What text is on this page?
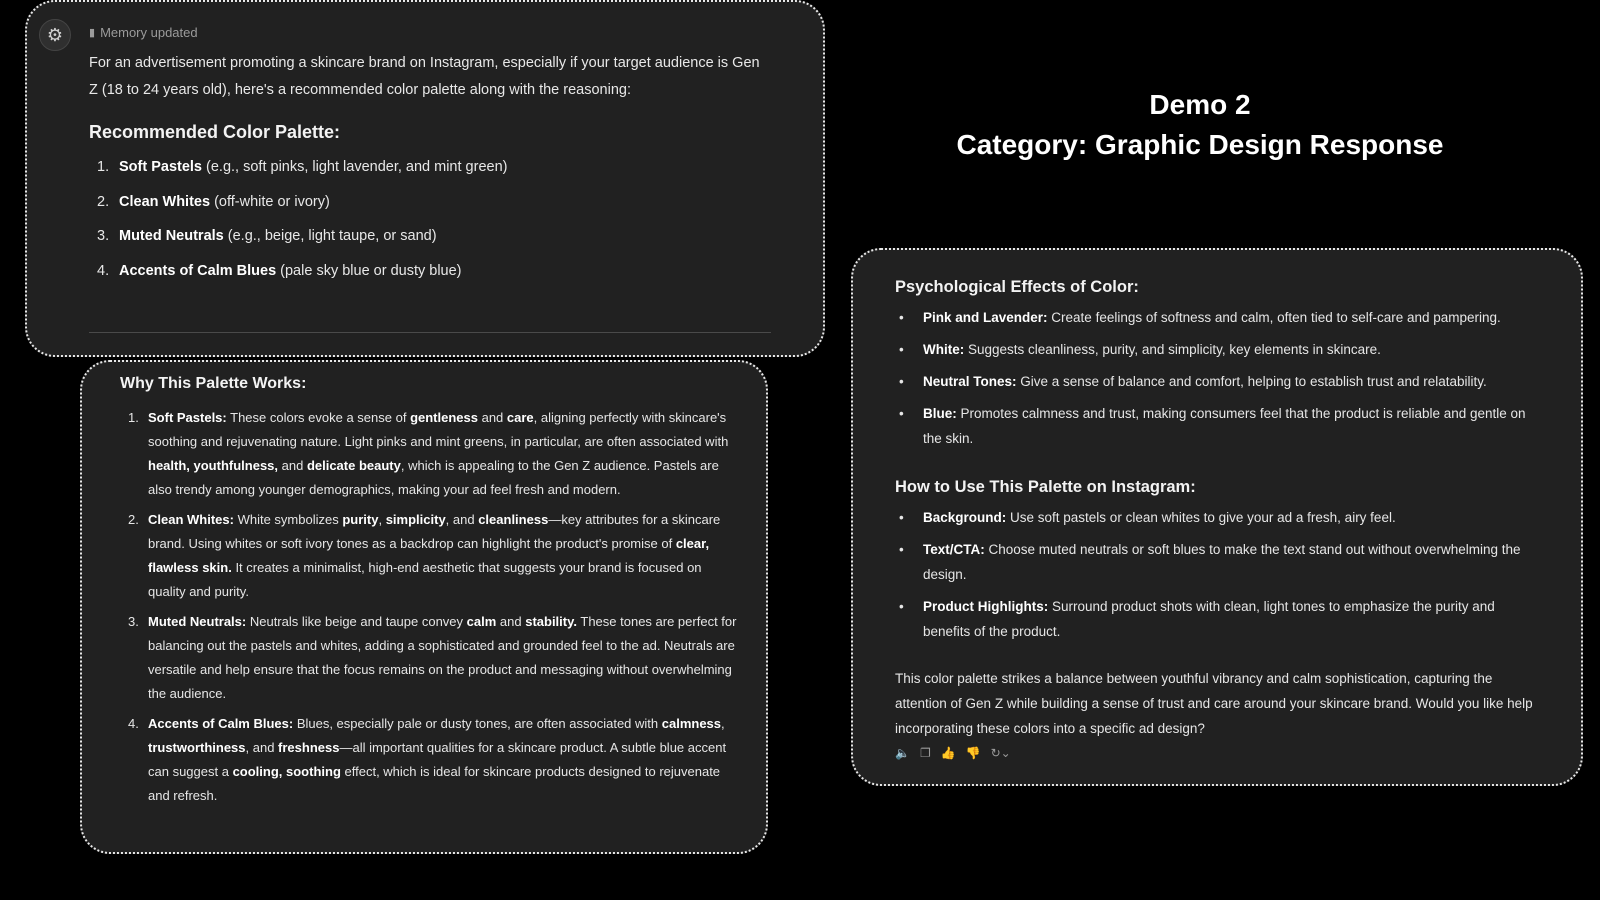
⚙	▮ Memory updated
For an advertisement promoting a skincare brand on Instagram, especially if your target audience is Gen Z (18 to 24 years old), here's a recommended color palette along with the reasoning:
Recommended Color Palette:
1. Soft Pastels (e.g., soft pinks, light lavender, and mint green)
2. Clean Whites (off-white or ivory)
3. Muted Neutrals (e.g., beige, light taupe, or sand)
4. Accents of Calm Blues (pale sky blue or dusty blue)
Why This Palette Works:
1. Soft Pastels: These colors evoke a sense of gentleness and care, aligning perfectly with skincare's soothing and rejuvenating nature. Light pinks and mint greens, in particular, are often associated with health, youthfulness, and delicate beauty, which is appealing to the Gen Z audience. Pastels are also trendy among younger demographics, making your ad feel fresh and modern.
2. Clean Whites: White symbolizes purity, simplicity, and cleanliness—key attributes for a skincare brand. Using whites or soft ivory tones as a backdrop can highlight the product's promise of clear, flawless skin. It creates a minimalist, high-end aesthetic that suggests your brand is focused on quality and purity.
3. Muted Neutrals: Neutrals like beige and taupe convey calm and stability. These tones are perfect for balancing out the pastels and whites, adding a sophisticated and grounded feel to the ad. Neutrals are versatile and help ensure that the focus remains on the product and messaging without overwhelming the audience.
4. Accents of Calm Blues: Blues, especially pale or dusty tones, are often associated with calmness, trustworthiness, and freshness—all important qualities for a skincare product. A subtle blue accent can suggest a cooling, soothing effect, which is ideal for skincare products designed to rejuvenate and refresh.
Demo 2
Category: Graphic Design Response
Psychological Effects of Color:
•	Pink and Lavender: Create feelings of softness and calm, often tied to self-care and pampering.
•	White: Suggests cleanliness, purity, and simplicity, key elements in skincare.
•	Neutral Tones: Give a sense of balance and comfort, helping to establish trust and relatability.
•	Blue: Promotes calmness and trust, making consumers feel that the product is reliable and gentle on the skin.
How to Use This Palette on Instagram:
•	Background: Use soft pastels or clean whites to give your ad a fresh, airy feel.
•	Text/CTA: Choose muted neutrals or soft blues to make the text stand out without overwhelming the design.
•	Product Highlights: Surround product shots with clean, light tones to emphasize the purity and benefits of the product.
This color palette strikes a balance between youthful vibrancy and calm sophistication, capturing the attention of Gen Z while building a sense of trust and care around your skincare brand. Would you like help incorporating these colors into a specific ad design?
🔈 ❐ 👍 👎 ↻⌄
